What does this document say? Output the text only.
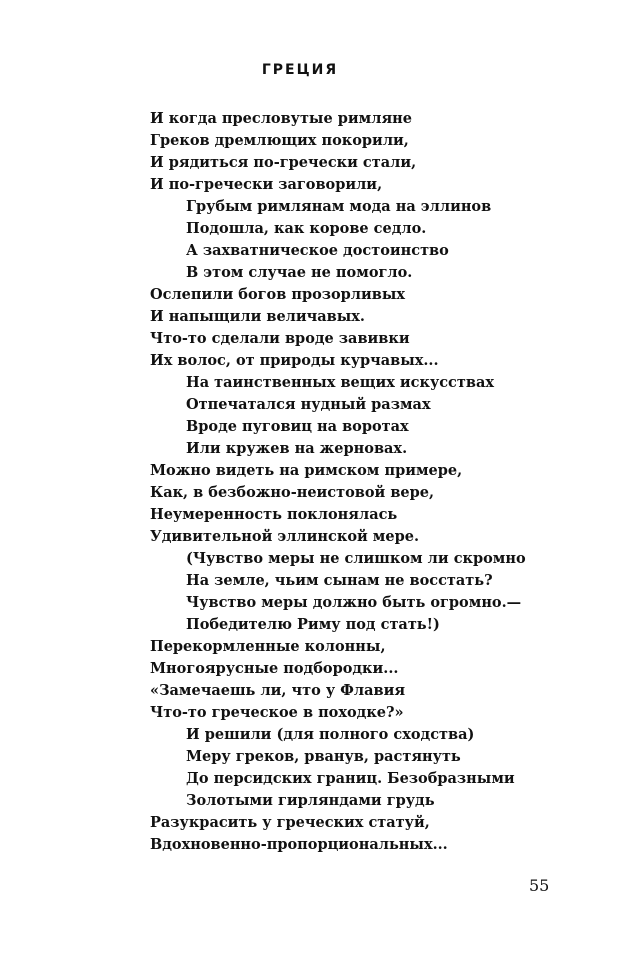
ГРЕЦИЯ
И когда пресловутые римляне
Греков дремлющих покорили,
И рядиться по-гречески стали,
И по-гречески заговорили,
Грубым римлянам мода на эллинов
Подошла, как корове седло.
А захватническое достоинство
В этом случае не помогло.
Ослепили богов прозорливых
И напыщили величавых.
Что-то сделали вроде завивки
Их волос, от природы курчавых...
На таинственных вещих искусствах
Отпечатался нудный размах
Вроде пуговиц на воротах
Или кружев на жерновах.
Можно видеть на римском примере,
Как, в безбожно-неистовой вере,
Неумеренность поклонялась
Удивительной эллинской мере.
(Чувство меры не слишком ли скромно
На земле, чьим сынам не восстать?
Чувство меры должно быть огромно.—
Победителю Риму под стать!)
Перекормленные колонны,
Многоярусные подбородки...
«Замечаешь ли, что у Флавия
Что-то греческое в походке?»
И решили (для полного сходства)
Меру греков, рванув, растянуть
До персидских границ. Безобразными
Золотыми гирляндами грудь
Разукрасить у греческих статуй,
Вдохновенно-пропорциональных...
55
